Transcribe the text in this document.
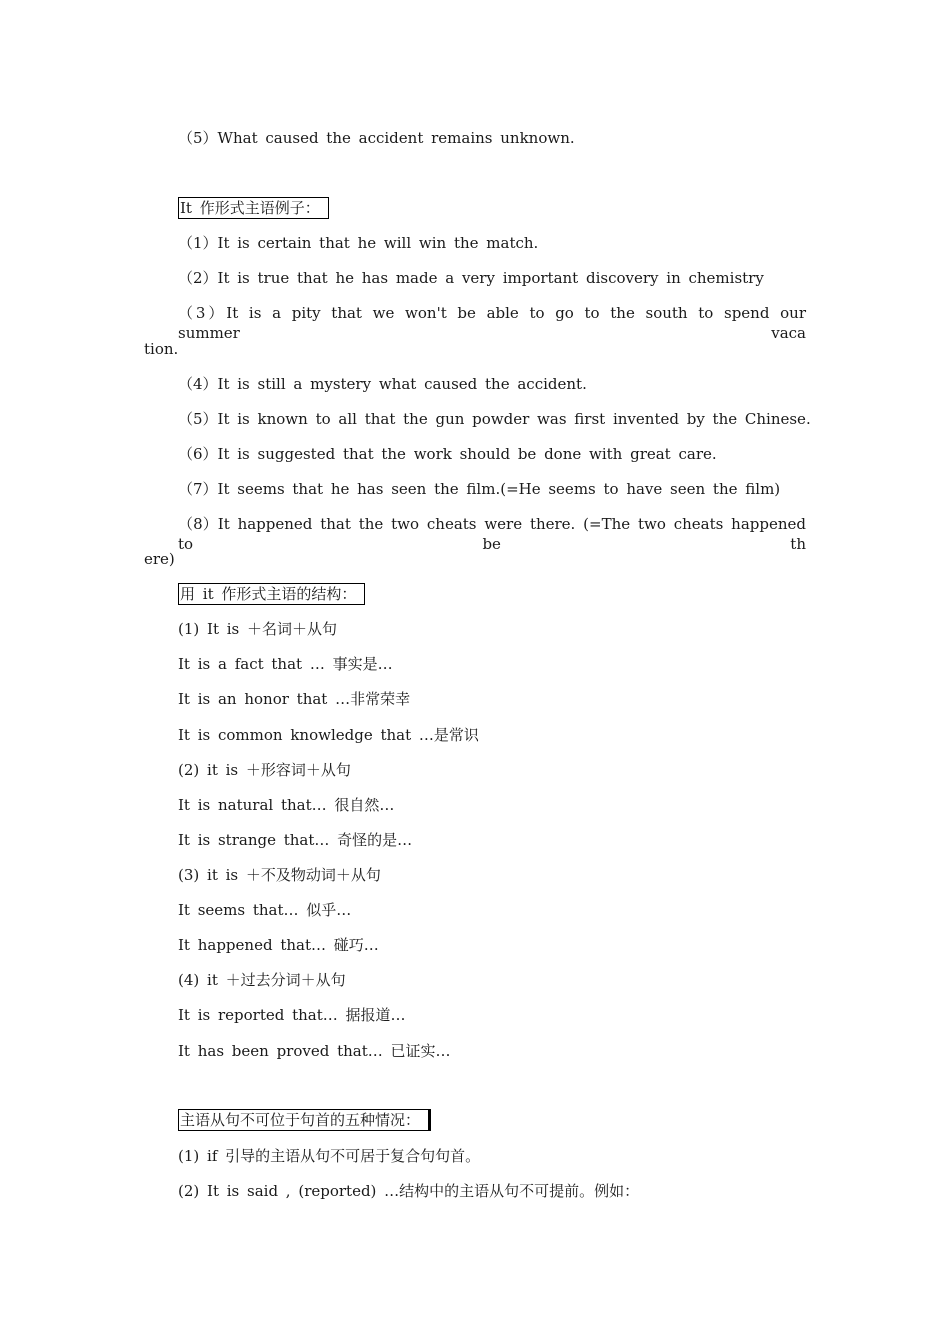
（5）What caused the accident remains unknown.
It 作形式主语例子：
（1）It is certain that he will win the match.
（2）It is true that he has made a very important discovery in chemistry
（3）It is a pity that we won't be able to go to the south to spend our summer vaca
tion.
（4）It is still a mystery what caused the accident.
（5）It is known to all that the gun powder was first invented by the Chinese.
（6）It is suggested that the work should be done with great care.
（7）It seems that he has seen the film.(=He seems to have seen the film)
（8）It happened that the two cheats were there. (=The two cheats happened to be th
ere)
用 it 作形式主语的结构：
(1) It is ＋名词＋从句
It is a fact that … 事实是…
It is an honor that …非常荣幸
It is common knowledge that …是常识
(2) it is ＋形容词＋从句
It is natural that… 很自然…
It is strange that… 奇怪的是…
(3) it is ＋不及物动词＋从句
It seems that… 似乎…
It happened that… 碰巧…
(4) it ＋过去分词＋从句
It is reported that… 据报道…
It has been proved that… 已证实…
主语从句不可位于句首的五种情况：
(1) if 引导的主语从句不可居于复合句句首。
(2) It is said , (reported) …结构中的主语从句不可提前。例如：
